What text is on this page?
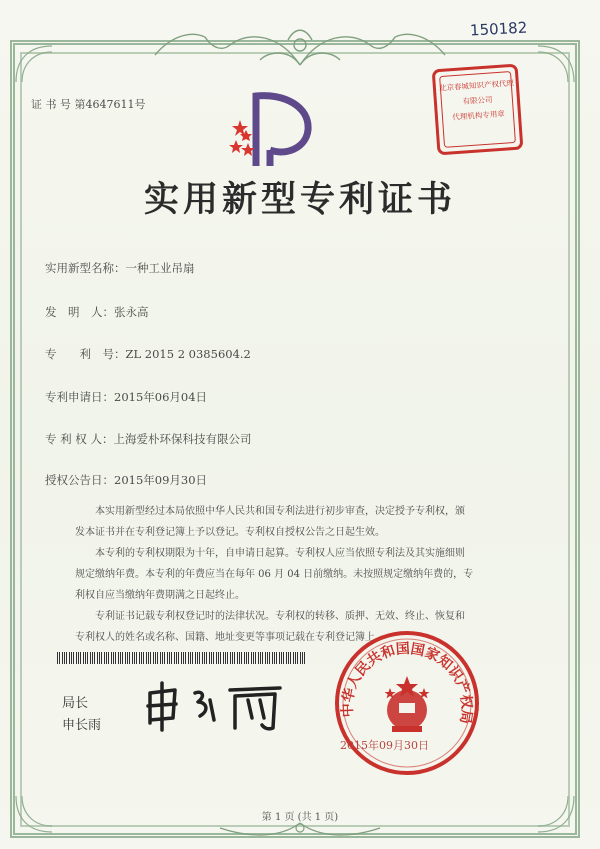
150182
证 书 号 第4647611号
北京春城知识产权代理有限公司
代理机构专用章
实用新型专利证书
实用新型名称：一种工业吊扇
发　明　人：张永高
专　　利　号：ZL 2015 2 0385604.2
专利申请日：2015年06月04日
专 利 权 人：上海爱朴环保科技有限公司
授权公告日：2015年09月30日

本实用新型经过本局依照中华人民共和国专利法进行初步审查，决定授予专利权，颁

发本证书并在专利登记簿上予以登记。专利权自授权公告之日起生效。

本专利的专利权期限为十年，自申请日起算。专利权人应当依照专利法及其实施细则

规定缴纳年费。本专利的年费应当在每年 06 月 04 日前缴纳。未按照规定缴纳年费的，专

利权自应当缴纳年费期满之日起终止。

专利证书记载专利权登记时的法律状况。专利权的转移、质押、无效、终止、恢复和

专利权人的姓名或名称、国籍、地址变更等事项记载在专利登记簿上。

局长
申长雨
中华人民共和国国家知识产权局
2015年09月30日
第 1 页 (共 1 页)
